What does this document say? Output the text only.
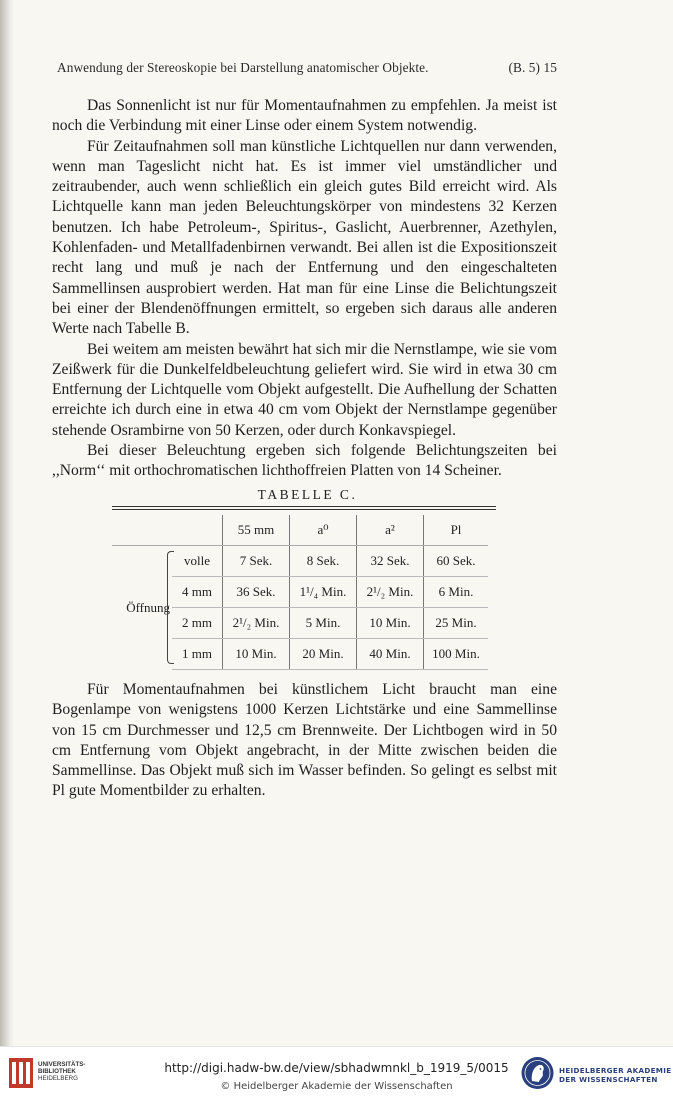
Anwendung der Stereoskopie bei Darstellung anatomischer Objekte.	(B. 5) 15

Das Sonnenlicht ist nur für Momentaufnahmen zu empfehlen. Ja meist ist noch die Verbindung mit einer Linse oder einem System notwendig.

Für Zeitaufnahmen soll man künstliche Lichtquellen nur dann verwenden, wenn man Tageslicht nicht hat. Es ist immer viel umständlicher und zeitraubender, auch wenn schließlich ein gleich gutes Bild erreicht wird. Als Lichtquelle kann man jeden Beleuchtungskörper von mindestens 32 Kerzen benutzen. Ich habe Petroleum-, Spiritus-, Gaslicht, Auerbrenner, Azethylen, Kohlenfaden- und Metallfadenbirnen verwandt. Bei allen ist die Expositionszeit recht lang und muß je nach der Entfernung und den eingeschalteten Sammellinsen ausprobiert werden. Hat man für eine Linse die Belichtungszeit bei einer der Blendenöffnungen ermittelt, so ergeben sich daraus alle anderen Werte nach Tabelle B.

Bei weitem am meisten bewährt hat sich mir die Nernstlampe, wie sie vom Zeißwerk für die Dunkelfeldbeleuchtung geliefert wird. Sie wird in etwa 30 cm Entfernung der Lichtquelle vom Objekt aufgestellt. Die Aufhellung der Schatten erreichte ich durch eine in etwa 40 cm vom Objekt der Nernstlampe gegenüber stehende Osrambirne von 50 Kerzen, oder durch Konkavspiegel.

Bei dieser Beleuchtung ergeben sich folgende Belichtungszeiten bei ,,Norm‘‘ mit orthochromatischen lichthoffreien Platten von 14 Scheiner.

TABELLE C.
		55 mm	a⁰	a²	Pl
Öffnung	volle	7 Sek.	8 Sek.	32 Sek.	60 Sek.
	4 mm	36 Sek.	1¹/₄ Min.	2¹/₂ Min.	6 Min.
	2 mm	2¹/₂ Min.	5 Min.	10 Min.	25 Min.
	1 mm	10 Min.	20 Min.	40 Min.	100 Min.

Für Momentaufnahmen bei künstlichem Licht braucht man eine Bogenlampe von wenigstens 1000 Kerzen Lichtstärke und eine Sammellinse von 15 cm Durchmesser und 12,5 cm Brennweite. Der Lichtbogen wird in 50 cm Entfernung vom Objekt angebracht, in der Mitte zwischen beiden die Sammellinse. Das Objekt muß sich im Wasser befinden. So gelingt es selbst mit Pl gute Momentbilder zu erhalten.

UNIVERSITÄTS-
BIBLIOTHEK
HEIDELBERG
http://digi.hadw-bw.de/view/sbhadwmnkl_b_1919_5/0015
© Heidelberger Akademie der Wissenschaften
HEIDELBERGER AKADEMIE
DER WISSENSCHAFTEN
